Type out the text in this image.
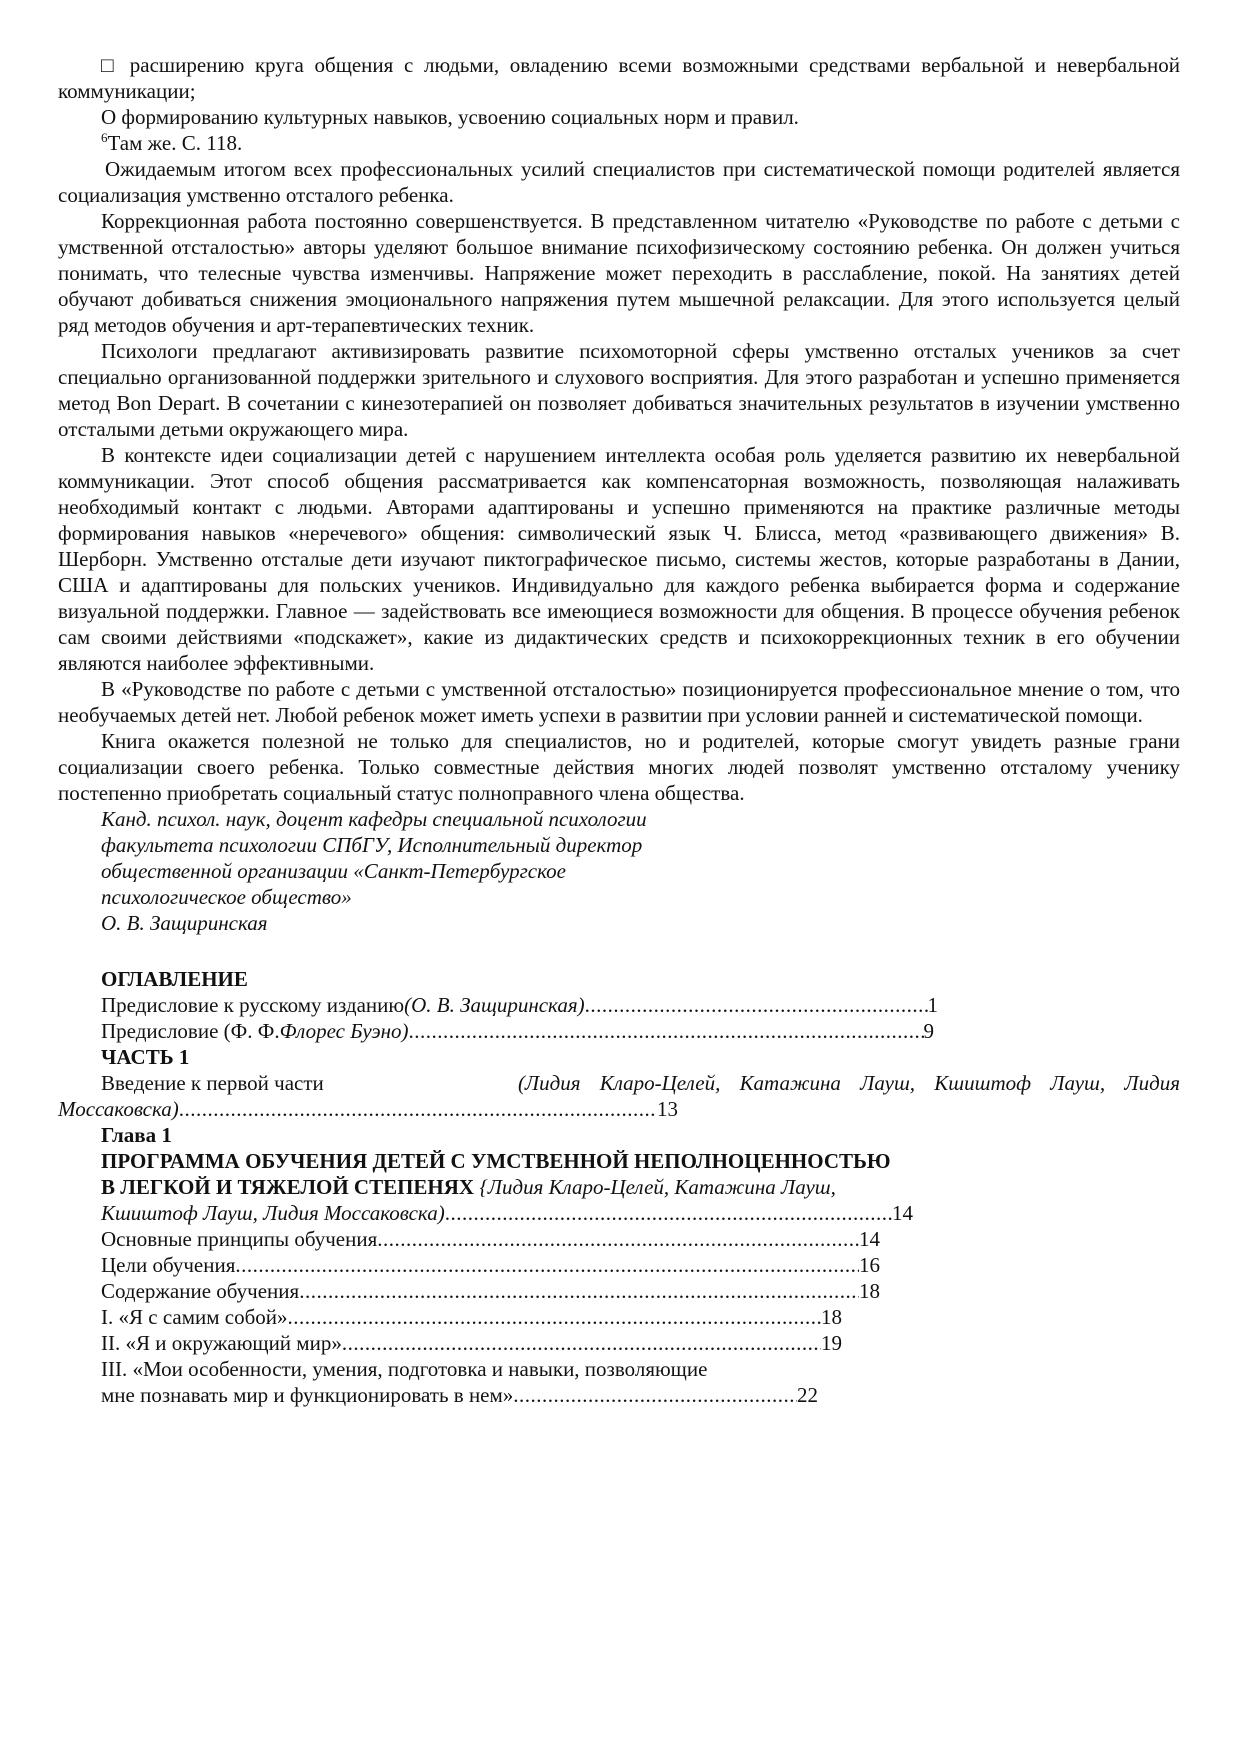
□ расширению круга общения с людьми, овладению всеми возможными средствами вербальной и невербальной коммуникации;

О формированию культурных навыков, усвоению социальных норм и правил.

$^6$Там же. С. 118.

Ожидаемым итогом всех профессиональных усилий специалистов при систематической помощи родителей является социализация умственно отсталого ребенка.

Коррекционная работа постоянно совершенствуется. В представленном читателю «Руководстве по работе с детьми с умственной отсталостью» авторы уделяют большое внимание психофизическому состоянию ребенка. Он должен учиться понимать, что телесные чувства изменчивы. Напряжение может переходить в расслабление, покой. На занятиях детей обучают добиваться снижения эмоционального напряжения путем мышечной релаксации. Для этого используется целый ряд методов обучения и арт-терапевтических техник.

Психологи предлагают активизировать развитие психомоторной сферы умственно отсталых учеников за счет специально организованной поддержки зрительного и слухового восприятия. Для этого разработан и успешно применяется метод Bon Depart. В сочетании с кинезотерапией он позволяет добиваться значительных результатов в изучении умственно отсталыми детьми окружающего мира.

В контексте идеи социализации детей с нарушением интеллекта особая роль уделяется развитию их невербальной коммуникации. Этот способ общения рассматривается как компенсаторная возможность, позволяющая налаживать необходимый контакт с людьми. Авторами адаптированы и успешно применяются на практике различные методы формирования навыков «неречевого» общения: символический язык Ч. Блисса, метод «развивающего движения» В. Шерборн. Умственно отсталые дети изучают пиктографическое письмо, системы жестов, которые разработаны в Дании, США и адаптированы для польских учеников. Индивидуально для каждого ребенка выбирается форма и содержание визуальной поддержки. Главное — задействовать все имеющиеся возможности для общения. В процессе обучения ребенок сам своими действиями «подскажет», какие из дидактических средств и психокоррекционных техник в его обучении являются наиболее эффективными.

В «Руководстве по работе с детьми с умственной отсталостью» позиционируется профессиональное мнение о том, что необучаемых детей нет. Любой ребенок может иметь успехи в развитии при условии ранней и систематической помощи.

Книга окажется полезной не только для специалистов, но и родителей, которые смогут увидеть разные грани социализации своего ребенка. Только совместные действия многих людей позволят умственно отсталому ученику постепенно приобретать социальный статус полноправного члена общества.

Канд. психол. наук, доцент кафедры специальной психологии

факультета психологии СПбГУ, Исполнительный директор

общественной организации «Санкт-Петербургское

психологическое общество»

О. В. Защиринская

ОГЛАВЛЕНИЕ

Предисловие к русскому изданию (О. В. Защиринская) .....	1
Предисловие (Ф. Ф. Флорес Буэно) .....	9

ЧАСТЬ 1

Введение к первой части	(Лидия Кларо-Целей, Катажина Лауш, Кшиштоф Лауш, Лидия
Моссаковска) .....	13

Глава 1

ПРОГРАММА ОБУЧЕНИЯ ДЕТЕЙ С УМСТВЕННОЙ НЕПОЛНОЦЕННОСТЬЮ

В ЛЕГКОЙ И ТЯЖЕЛОЙ СТЕПЕНЯХ {Лидия Кларо-Целей, Катажина Лауш,
Кшиштоф Лауш, Лидия Моссаковска) .....	14
Основные принципы обучения .....	14
Цели обучения .....	16
Содержание обучения .....	18
I. «Я с самим собой» .....	18
II. «Я и окружающий мир» .....	19

III. «Мои особенности, умения, подготовка и навыки, позволяющие

мне познавать мир и функционировать в нем» .....	22
